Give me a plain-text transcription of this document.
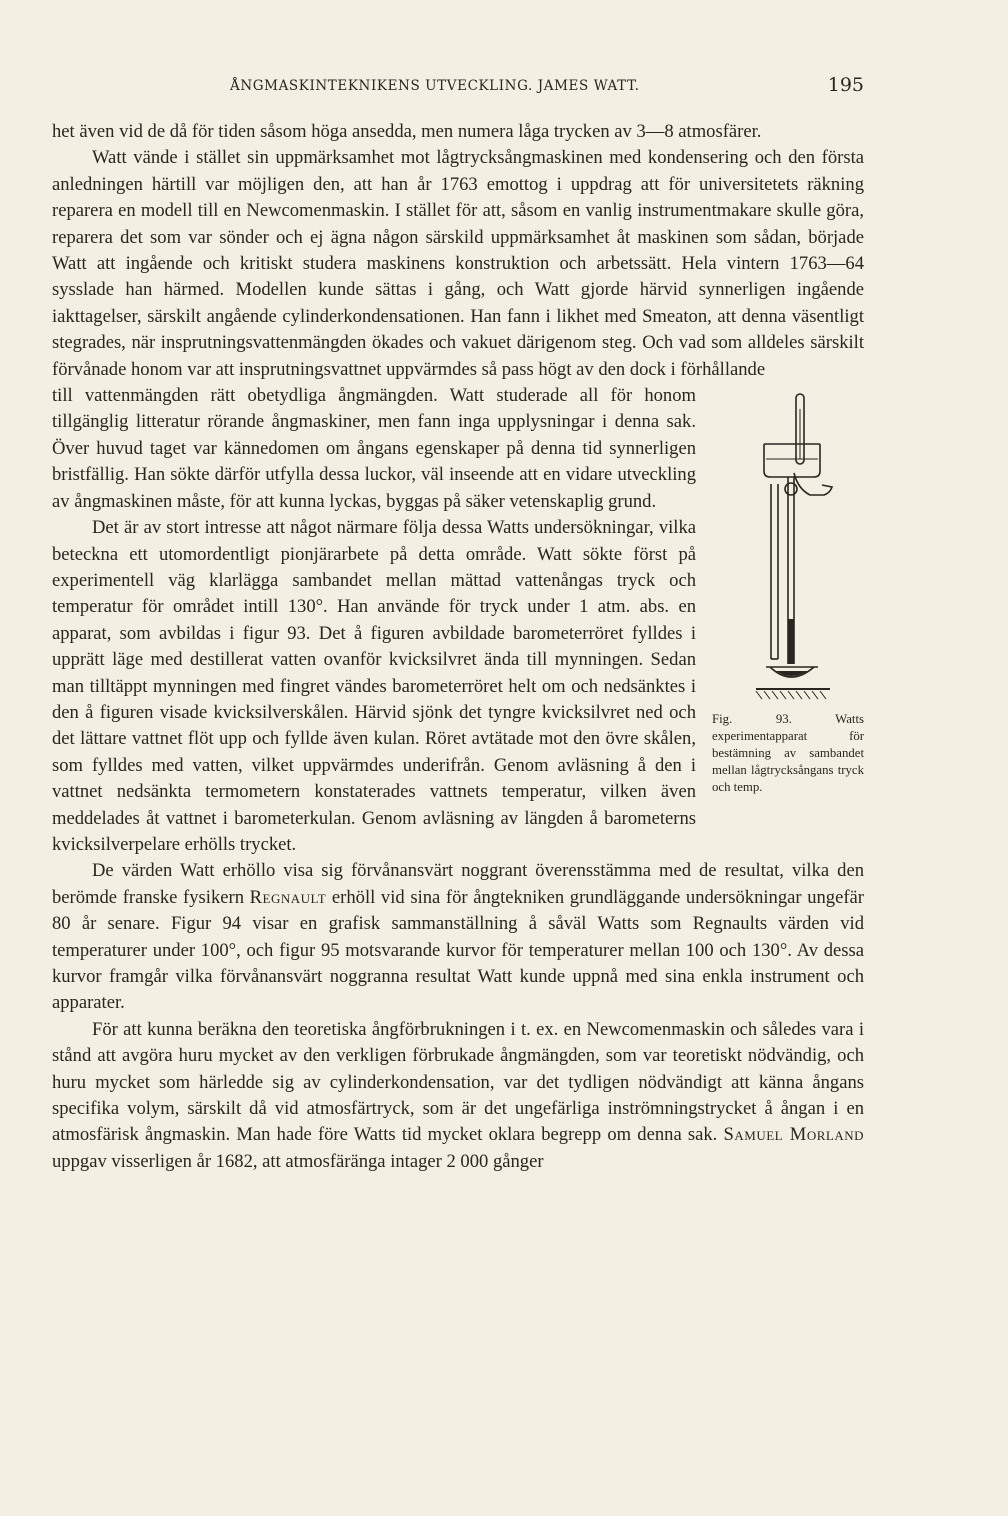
ÅNGMASKINTEKNIKENS UTVECKLING. JAMES WATT.	195

het även vid de då för tiden såsom höga ansedda, men numera låga trycken av 3—8 atmosfärer.

Watt vände i stället sin uppmärksamhet mot lågtrycksångmaskinen med kondensering och den första anledningen härtill var möjligen den, att han år 1763 emottog i uppdrag att för universitetets räkning reparera en modell till en Newcomenmaskin. I stället för att, såsom en vanlig instrumentmakare skulle göra, reparera det som var sönder och ej ägna någon särskild uppmärksamhet åt maskinen som sådan, började Watt att ingående och kritiskt studera maskinens konstruktion och arbetssätt. Hela vintern 1763—64 sysslade han härmed. Modellen kunde sättas i gång, och Watt gjorde härvid synnerligen ingående iakttagelser, särskilt angående cylinderkondensationen. Han fann i likhet med Smeaton, att denna väsentligt stegrades, när insprutningsvattenmängden ökades och vakuet därigenom steg. Och vad som alldeles särskilt förvånade honom var att insprutningsvattnet uppvärmdes så pass högt av den dock i förhållande

Fig. 93. Watts experimentapparat för bestämning av sambandet mellan lågtrycksångans tryck och temp.

till vattenmängden rätt obetydliga ångmängden. Watt studerade all för honom tillgänglig litteratur rörande ångmaskiner, men fann inga upplysningar i denna sak. Över huvud taget var kännedomen om ångans egenskaper på denna tid synnerligen bristfällig. Han sökte därför utfylla dessa luckor, väl inseende att en vidare utveckling av ångmaskinen måste, för att kunna lyckas, byggas på säker vetenskaplig grund.

Det är av stort intresse att något närmare följa dessa Watts undersökningar, vilka beteckna ett utomordentligt pionjärarbete på detta område. Watt sökte först på experimentell väg klarlägga sambandet mellan mättad vattenångas tryck och temperatur för området intill 130°. Han använde för tryck under 1 atm. abs. en apparat, som avbildas i figur 93. Det å figuren avbildade barometerröret fylldes i upprätt läge med destillerat vatten ovanför kvicksilvret ända till mynningen. Sedan man tilltäppt mynningen med fingret vändes barometerröret helt om och nedsänktes i den å figuren visade kvicksilverskålen. Härvid sjönk det tyngre kvicksilvret ned och det lättare vattnet flöt upp och fyllde även kulan. Röret avtätade mot den övre skålen, som fylldes med vatten, vilket uppvärmdes underifrån. Genom avläsning å den i vattnet nedsänkta termometern konstaterades vattnets temperatur, vilken även meddelades åt vattnet i barometerkulan. Genom avläsning av längden å barometerns kvicksilverpelare erhölls trycket.

De värden Watt erhöllo visa sig förvånansvärt noggrant överensstämma med de resultat, vilka den berömde franske fysikern Regnault erhöll vid sina för ångtekniken grundläggande undersökningar ungefär 80 år senare. Figur 94 visar en grafisk sammanställning å såväl Watts som Regnaults värden vid temperaturer under 100°, och figur 95 motsvarande kurvor för temperaturer mellan 100 och 130°. Av dessa kurvor framgår vilka förvånansvärt noggranna resultat Watt kunde uppnå med sina enkla instrument och apparater.

För att kunna beräkna den teoretiska ångförbrukningen i t. ex. en Newcomenmaskin och således vara i stånd att avgöra huru mycket av den verkligen förbrukade ångmängden, som var teoretiskt nödvändig, och huru mycket som härledde sig av cylinderkondensation, var det tydligen nödvändigt att känna ångans specifika volym, särskilt då vid atmosfärtryck, som är det ungefärliga inströmningstrycket å ångan i en atmosfärisk ångmaskin. Man hade före Watts tid mycket oklara begrepp om denna sak. Samuel Morland uppgav visserligen år 1682, att atmosfäränga intager 2 000 gånger
